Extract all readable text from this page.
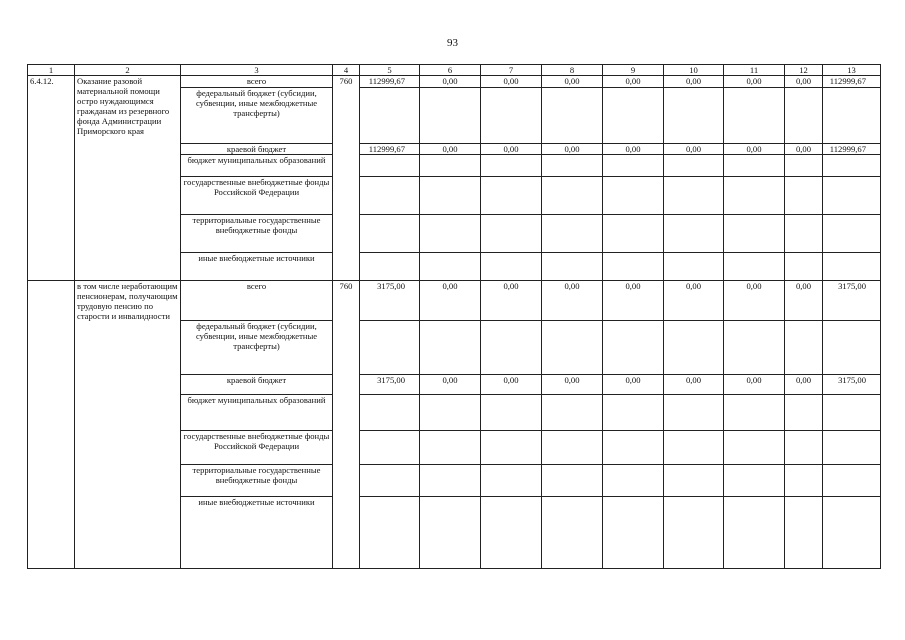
93
1	2	3	4	5	6	7	8	9	10	11	12	13
6.4.12.	Оказание разовой материальной помощи остро нуждающимся гражданам из резервного фонда Администрации Приморского края	всего	760	112999,67	0,00	0,00	0,00	0,00	0,00	0,00	0,00	112999,67
		федеральный бюджет (субсидии, субвенции, иные межбюджетные трансферты)										
		краевой бюджет		112999,67	0,00	0,00	0,00	0,00	0,00	0,00	0,00	112999,67
		бюджет муниципальных образований										
		государственные внебюджетные фонды Российской Федерации										
		территориальные государственные внебюджетные фонды										
		иные внебюджетные источники										
	в том числе неработающим пенсионерам, получающим трудовую пенсию по старости и инвалидности	всего	760	3175,00	0,00	0,00	0,00	0,00	0,00	0,00	0,00	3175,00
		федеральный бюджет (субсидии, субвенции, иные межбюджетные трансферты)										
		краевой бюджет		3175,00	0,00	0,00	0,00	0,00	0,00	0,00	0,00	3175,00
		бюджет муниципальных образований										
		государственные внебюджетные фонды Российской Федерации										
		территориальные государственные внебюджетные фонды										
		иные внебюджетные источники										
